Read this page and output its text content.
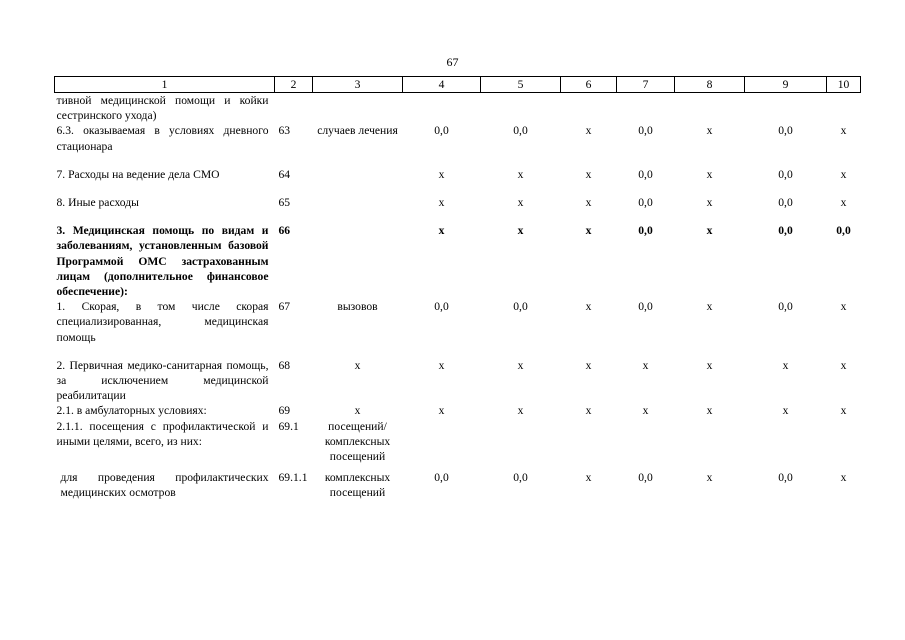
67
1	2	3	4	5	6	7	8	9	10
тивной медицинской помощи и койки сестринского ухода)									
6.3. оказываемая в условиях дневного стационара	63	случаев лечения	0,0	0,0	х	0,0	х	0,0	х
7. Расходы на ведение дела СМО	64		х	х	х	0,0	х	0,0	х
8. Иные расходы	65		х	х	х	0,0	х	0,0	х
3. Медицинская помощь по видам и заболеваниям, установленным базовой Программой ОМС застрахованным лицам (дополнительное финансовое обеспечение):	66		х	х	х	0,0	х	0,0	0,0
1. Скорая, в том числе скорая специализированная, медицинская помощь	67	вызовов	0,0	0,0	х	0,0	х	0,0	х
2. Первичная медико-санитарная помощь, за исключением медицинской реабилитации	68	х	х	х	х	х	х	х	х
2.1. в амбулаторных условиях:	69	х	х	х	х	х	х	х	х
2.1.1. посещения с профилактической и иными целями, всего, из них:	69.1	посещений/ комплексных посещений							
для проведения профилактических медицинских осмотров	69.1.1	комплексных посещений	0,0	0,0	х	0,0	х	0,0	х
